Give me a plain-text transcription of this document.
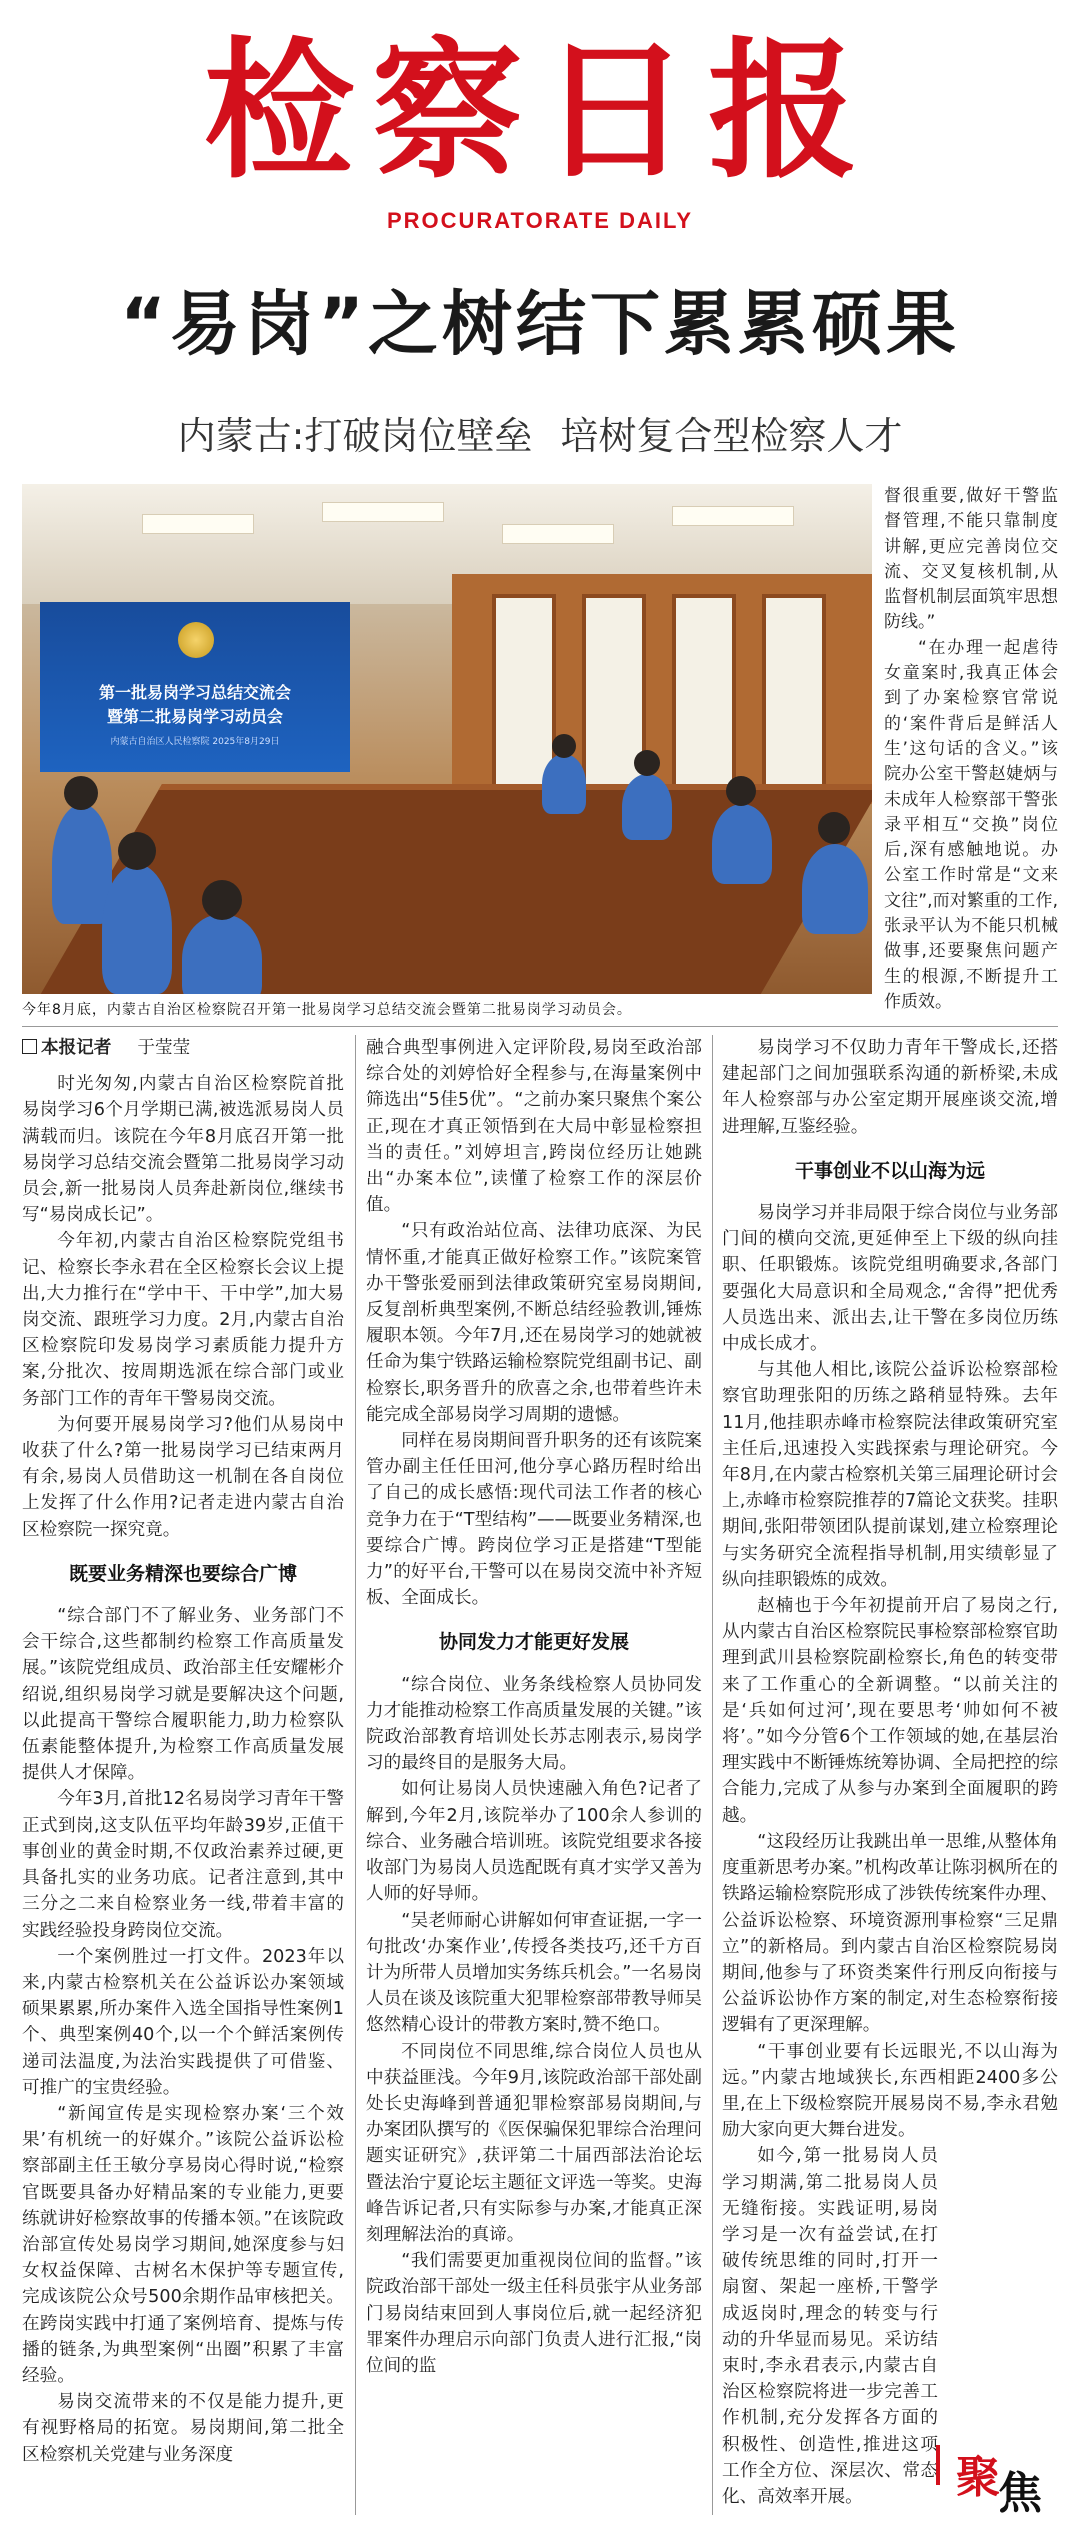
检察日报
PROCURATORATE DAILY
“易岗”之树结下累累硕果
内蒙古:打破岗位壁垒 培树复合型检察人才
第一批易岗学习总结交流会
暨第二批易岗学习动员会
内蒙古自治区人民检察院 2025年8月29日
今年8月底，内蒙古自治区检察院召开第一批易岗学习总结交流会暨第二批易岗学习动员会。

督很重要,做好干警监督管理,不能只靠制度讲解,更应完善岗位交流、交叉复核机制,从监督机制层面筑牢思想防线。”

“在办理一起虐待女童案时,我真正体会到了办案检察官常说的‘案件背后是鲜活人生’这句话的含义。”该院办公室干警赵婕炳与未成年人检察部干警张录平相互“交换”岗位后,深有感触地说。办公室工作时常是“文来文往”,而对繁重的工作,张录平认为不能只机械做事,还要聚焦问题产生的根源,不断提升工作质效。

本报记者 于莹莹

时光匆匆,内蒙古自治区检察院首批易岗学习6个月学期已满,被选派易岗人员满载而归。该院在今年8月底召开第一批易岗学习总结交流会暨第二批易岗学习动员会,新一批易岗人员奔赴新岗位,继续书写“易岗成长记”。

今年初,内蒙古自治区检察院党组书记、检察长李永君在全区检察长会议上提出,大力推行在“学中干、干中学”,加大易岗交流、跟班学习力度。2月,内蒙古自治区检察院印发易岗学习素质能力提升方案,分批次、按周期选派在综合部门或业务部门工作的青年干警易岗交流。

为何要开展易岗学习?他们从易岗中收获了什么?第一批易岗学习已结束两月有余,易岗人员借助这一机制在各自岗位上发挥了什么作用?记者走进内蒙古自治区检察院一探究竟。

既要业务精深也要综合广博

“综合部门不了解业务、业务部门不会干综合,这些都制约检察工作高质量发展。”该院党组成员、政治部主任安耀彬介绍说,组织易岗学习就是要解决这个问题,以此提高干警综合履职能力,助力检察队伍素能整体提升,为检察工作高质量发展提供人才保障。

今年3月,首批12名易岗学习青年干警正式到岗,这支队伍平均年龄39岁,正值干事创业的黄金时期,不仅政治素养过硬,更具备扎实的业务功底。记者注意到,其中三分之二来自检察业务一线,带着丰富的实践经验投身跨岗位交流。

一个案例胜过一打文件。2023年以来,内蒙古检察机关在公益诉讼办案领域硕果累累,所办案件入选全国指导性案例1个、典型案例40个,以一个个鲜活案例传递司法温度,为法治实践提供了可借鉴、可推广的宝贵经验。

“新闻宣传是实现检察办案‘三个效果’有机统一的好媒介。”该院公益诉讼检察部副主任王敏分享易岗心得时说,“检察官既要具备办好精品案的专业能力,更要练就讲好检察故事的传播本领。”在该院政治部宣传处易岗学习期间,她深度参与妇女权益保障、古树名木保护等专题宣传,完成该院公众号500余期作品审核把关。在跨岗实践中打通了案例培育、提炼与传播的链条,为典型案例“出圈”积累了丰富经验。

易岗交流带来的不仅是能力提升,更有视野格局的拓宽。易岗期间,第二批全区检察机关党建与业务深度

融合典型事例进入定评阶段,易岗至政治部综合处的刘婷恰好全程参与,在海量案例中筛选出“5佳5优”。“之前办案只聚焦个案公正,现在才真正领悟到在大局中彰显检察担当的责任。”刘婷坦言,跨岗位经历让她跳出“办案本位”,读懂了检察工作的深层价值。

“只有政治站位高、法律功底深、为民情怀重,才能真正做好检察工作。”该院案管办干警张爱丽到法律政策研究室易岗期间,反复剖析典型案例,不断总结经验教训,锤炼履职本领。今年7月,还在易岗学习的她就被任命为集宁铁路运输检察院党组副书记、副检察长,职务晋升的欣喜之余,也带着些许未能完成全部易岗学习周期的遗憾。

同样在易岗期间晋升职务的还有该院案管办副主任任田河,他分享心路历程时给出了自己的成长感悟:现代司法工作者的核心竞争力在于“T型结构”——既要业务精深,也要综合广博。跨岗位学习正是搭建“T型能力”的好平台,干警可以在易岗交流中补齐短板、全面成长。

协同发力才能更好发展

“综合岗位、业务条线检察人员协同发力才能推动检察工作高质量发展的关键。”该院政治部教育培训处长苏志刚表示,易岗学习的最终目的是服务大局。

如何让易岗人员快速融入角色?记者了解到,今年2月,该院举办了100余人参训的综合、业务融合培训班。该院党组要求各接收部门为易岗人员选配既有真才实学又善为人师的好导师。

“吴老师耐心讲解如何审查证据,一字一句批改‘办案作业’,传授各类技巧,还千方百计为所带人员增加实务练兵机会。”一名易岗人员在谈及该院重大犯罪检察部带教导师吴悠然精心设计的带教方案时,赞不绝口。

不同岗位不同思维,综合岗位人员也从中获益匪浅。今年9月,该院政治部干部处副处长史海峰到普通犯罪检察部易岗期间,与办案团队撰写的《医保骗保犯罪综合治理问题实证研究》,获评第二十届西部法治论坛暨法治宁夏论坛主题征文评选一等奖。史海峰告诉记者,只有实际参与办案,才能真正深刻理解法治的真谛。

“我们需要更加重视岗位间的监督。”该院政治部干部处一级主任科员张宇从业务部门易岗结束回到人事岗位后,就一起经济犯罪案件办理启示向部门负责人进行汇报,“岗位间的监

易岗学习不仅助力青年干警成长,还搭建起部门之间加强联系沟通的新桥梁,未成年人检察部与办公室定期开展座谈交流,增进理解,互鉴经验。

干事创业不以山海为远

易岗学习并非局限于综合岗位与业务部门间的横向交流,更延伸至上下级的纵向挂职、任职锻炼。该院党组明确要求,各部门要强化大局意识和全局观念,“舍得”把优秀人员选出来、派出去,让干警在多岗位历练中成长成才。

与其他人相比,该院公益诉讼检察部检察官助理张阳的历练之路稍显特殊。去年11月,他挂职赤峰市检察院法律政策研究室主任后,迅速投入实践探索与理论研究。今年8月,在内蒙古检察机关第三届理论研讨会上,赤峰市检察院推荐的7篇论文获奖。挂职期间,张阳带领团队提前谋划,建立检察理论与实务研究全流程指导机制,用实绩彰显了纵向挂职锻炼的成效。

赵楠也于今年初提前开启了易岗之行,从内蒙古自治区检察院民事检察部检察官助理到武川县检察院副检察长,角色的转变带来了工作重心的全新调整。“以前关注的是‘兵如何过河’,现在要思考‘帅如何不被将’。”如今分管6个工作领域的她,在基层治理实践中不断锤炼统筹协调、全局把控的综合能力,完成了从参与办案到全面履职的跨越。

“这段经历让我跳出单一思维,从整体角度重新思考办案。”机构改革让陈羽枫所在的铁路运输检察院形成了涉铁传统案件办理、公益诉讼检察、环境资源刑事检察“三足鼎立”的新格局。到内蒙古自治区检察院易岗期间,他参与了环资类案件行刑反向衔接与公益诉讼协作方案的制定,对生态检察衔接逻辑有了更深理解。

“干事创业要有长远眼光,不以山海为远。”内蒙古地域狭长,东西相距2400多公里,在上下级检察院开展易岗不易,李永君勉励大家向更大舞台进发。

如今,第一批易岗人员学习期满,第二批易岗人员无缝衔接。实践证明,易岗学习是一次有益尝试,在打破传统思维的同时,打开一扇窗、架起一座桥,干警学成返岗时,理念的转变与行动的升华显而易见。采访结束时,李永君表示,内蒙古自治区检察院将进一步完善工作机制,充分发挥各方面的积极性、创造性,推进这项工作全方位、深层次、常态化、高效率开展。	聚
焦
